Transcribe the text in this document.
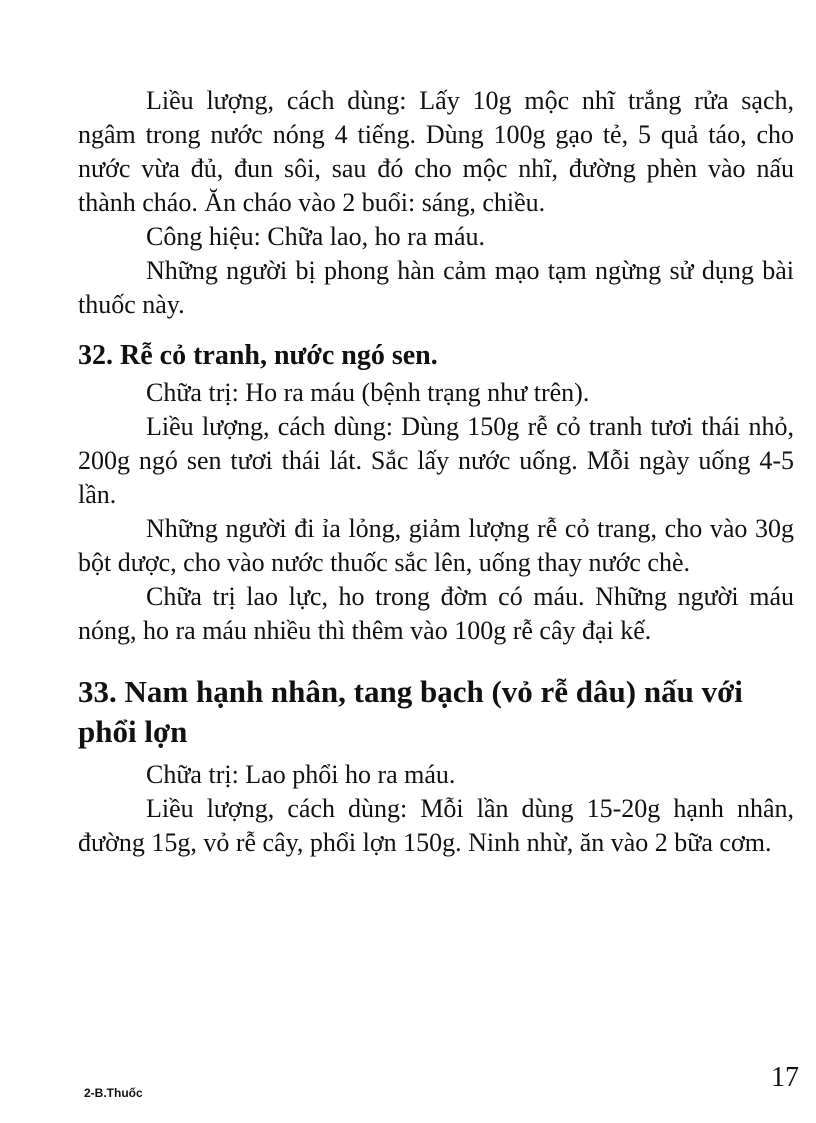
Liều lượng, cách dùng: Lấy 10g mộc nhĩ trắng rửa sạch, ngâm trong nước nóng 4 tiếng. Dùng 100g gạo tẻ, 5 quả táo, cho nước vừa đủ, đun sôi, sau đó cho mộc nhĩ, đường phèn vào nấu thành cháo. Ăn cháo vào 2 buổi: sáng, chiều.

Công hiệu: Chữa lao, ho ra máu.

Những người bị phong hàn cảm mạo tạm ngừng sử dụng bài thuốc này.

32. Rễ cỏ tranh, nước ngó sen.

Chữa trị: Ho ra máu (bệnh trạng như trên).

Liều lượng, cách dùng: Dùng 150g rễ cỏ tranh tươi thái nhỏ, 200g ngó sen tươi thái lát. Sắc lấy nước uống. Mỗi ngày uống 4-5 lần.

Những người đi ỉa lỏng, giảm lượng rễ cỏ trang, cho vào 30g bột dược, cho vào nước thuốc sắc lên, uống thay nước chè.

Chữa trị lao lực, ho trong đờm có máu. Những người máu nóng, ho ra máu nhiều thì thêm vào 100g rễ cây đại kế.

33. Nam hạnh nhân, tang bạch (vỏ rễ dâu) nấu với phổi lợn

Chữa trị: Lao phổi ho ra máu.

Liều lượng, cách dùng: Mỗi lần dùng 15-20g hạnh nhân, đường 15g, vỏ rễ cây, phổi lợn 150g. Ninh nhừ, ăn vào 2 bữa cơm.

2-B.Thuốc	17
